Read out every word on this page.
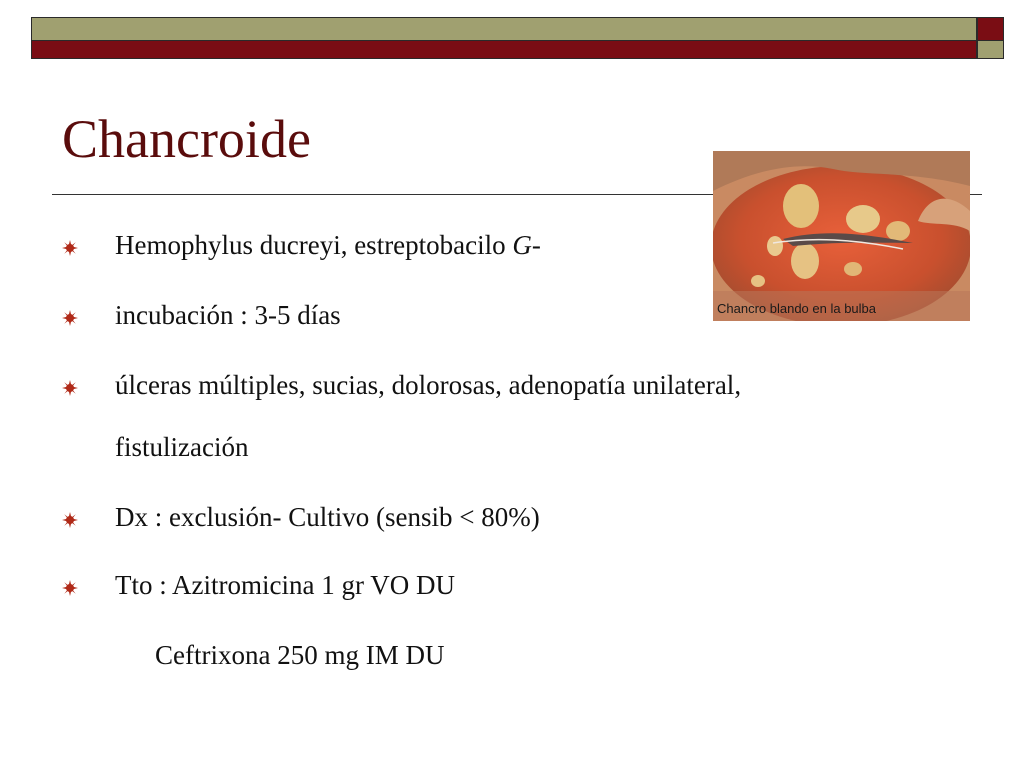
Chancroide

Chancro blando en la bulba

Hemophylus ducreyi, estreptobacilo G-
incubación : 3-5 días
úlceras múltiples, sucias, dolorosas, adenopatía unilateral,
fistulización
Dx : exclusión- Cultivo (sensib < 80%)
Tto : Azitromicina 1 gr VO DU
Ceftrixona 250 mg IM DU
